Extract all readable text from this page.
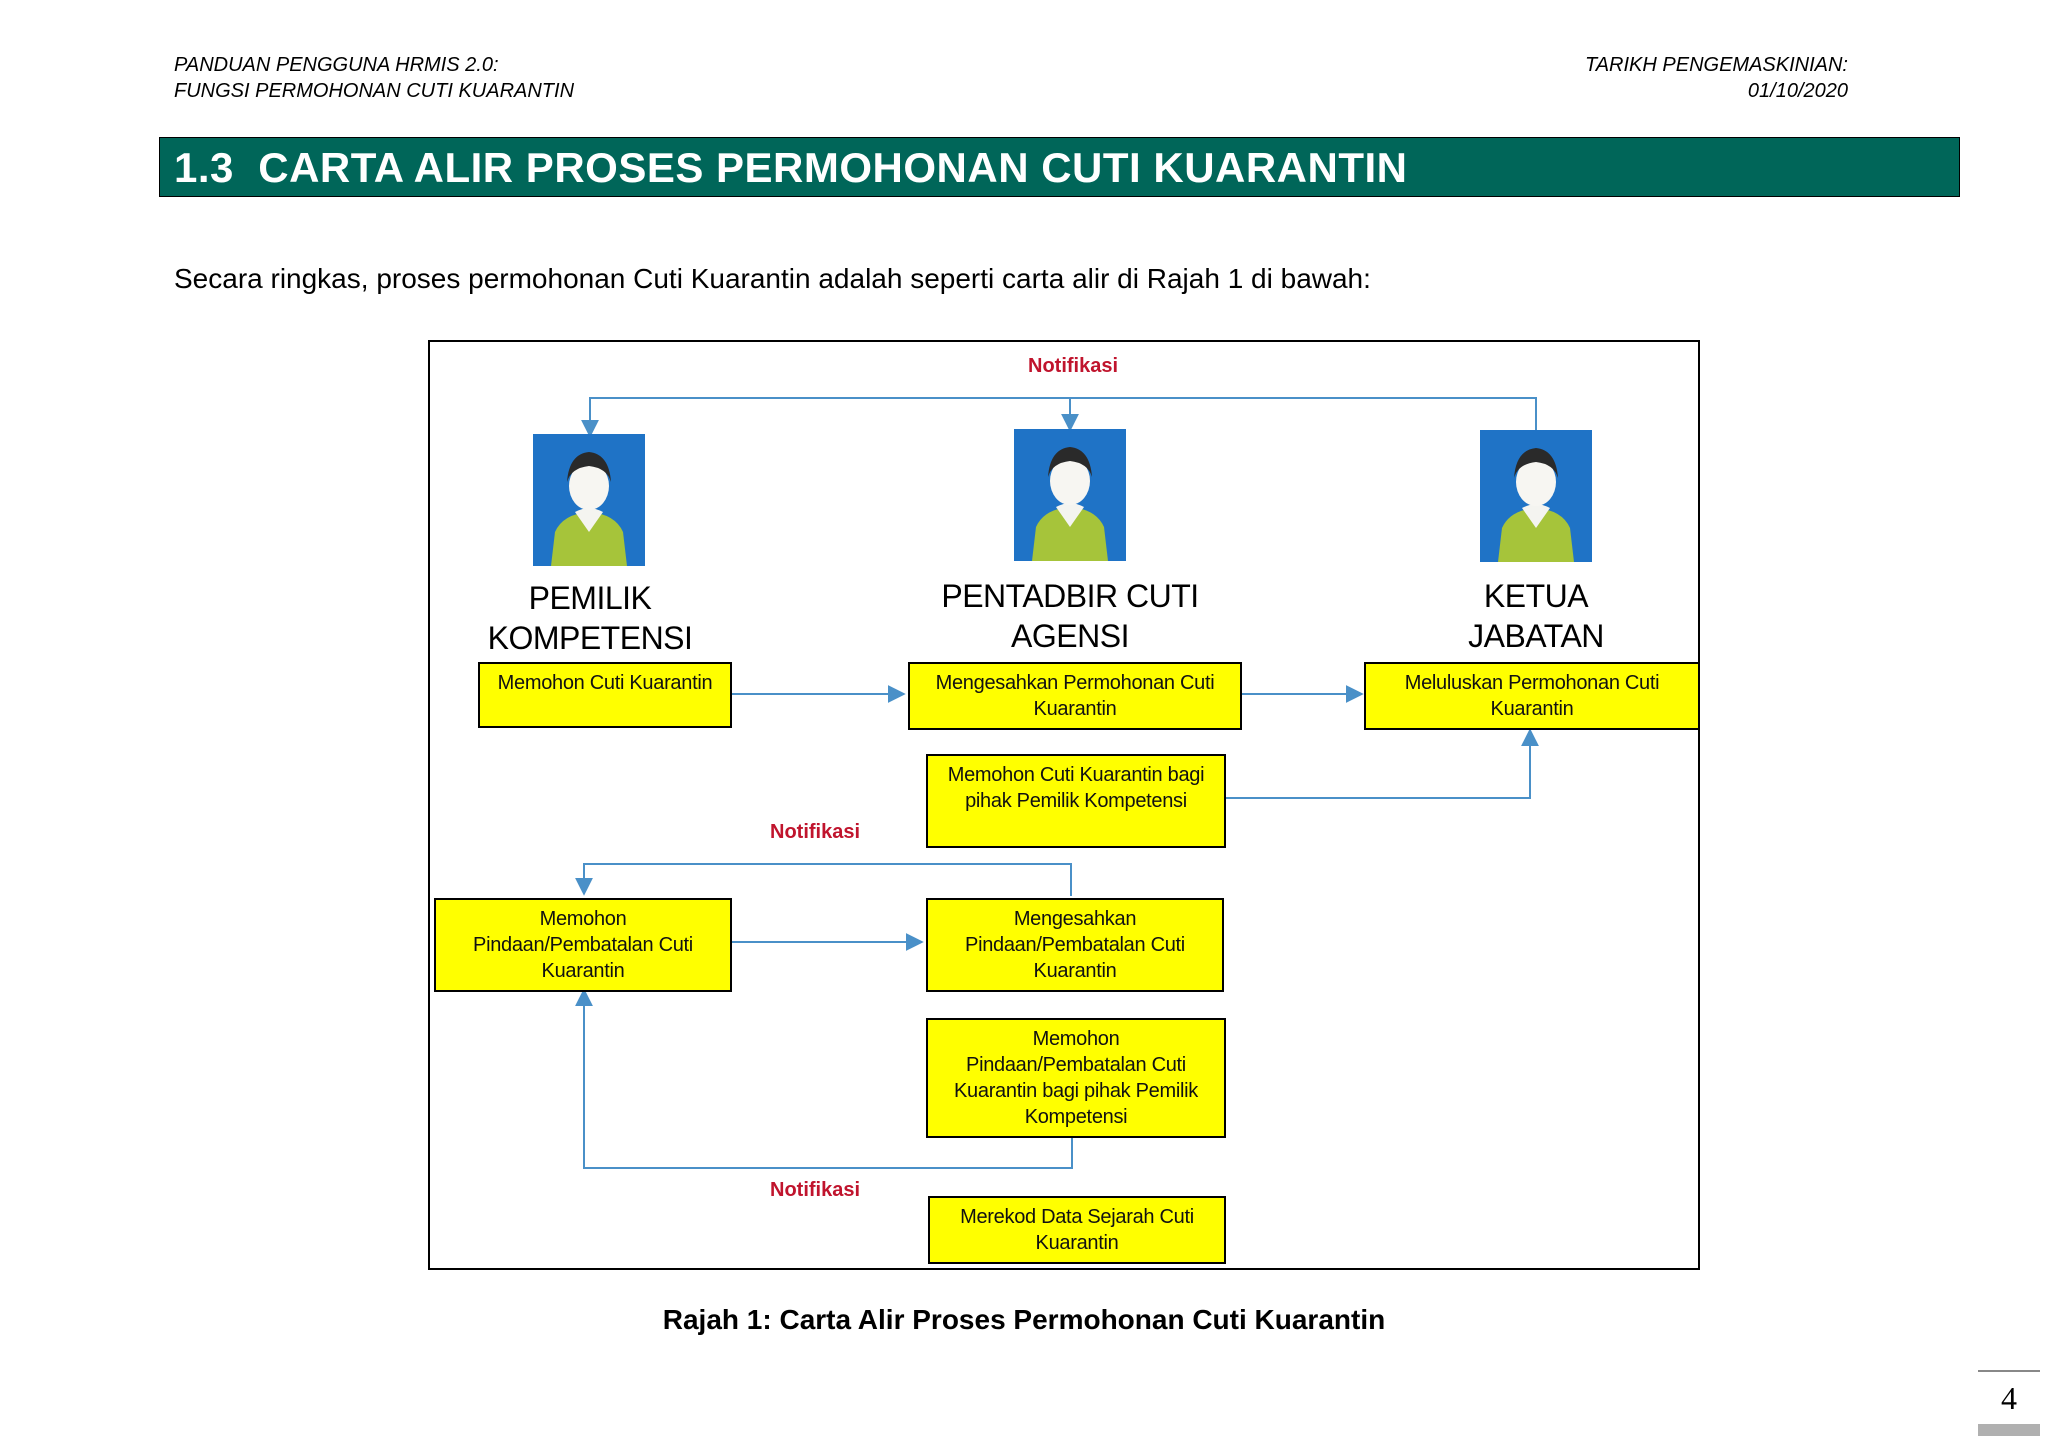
PANDUAN PENGGUNA HRMIS 2.0:
FUNGSI PERMOHONAN CUTI KUARANTIN
TARIKH PENGEMASKINIAN:
01/10/2020
1.3 CARTA ALIR PROSES PERMOHONAN CUTI KUARANTIN
Secara ringkas, proses permohonan Cuti Kuarantin adalah seperti carta alir di Rajah 1 di bawah:
Notifikasi
Notifikasi
Notifikasi
PEMILIK
KOMPETENSI
PENTADBIR CUTI
AGENSI
KETUA
JABATAN
Memohon Cuti Kuarantin	Mengesahkan Permohonan Cuti Kuarantin
Meluluskan Permohonan Cuti Kuarantin
Memohon Cuti Kuarantin bagi pihak Pemilik Kompetensi
Memohon Pindaan/Pembatalan Cuti Kuarantin
Mengesahkan Pindaan/Pembatalan Cuti Kuarantin
Memohon Pindaan/Pembatalan Cuti Kuarantin bagi pihak Pemilik Kompetensi
Merekod Data Sejarah Cuti Kuarantin
Rajah 1: Carta Alir Proses Permohonan Cuti Kuarantin
4
